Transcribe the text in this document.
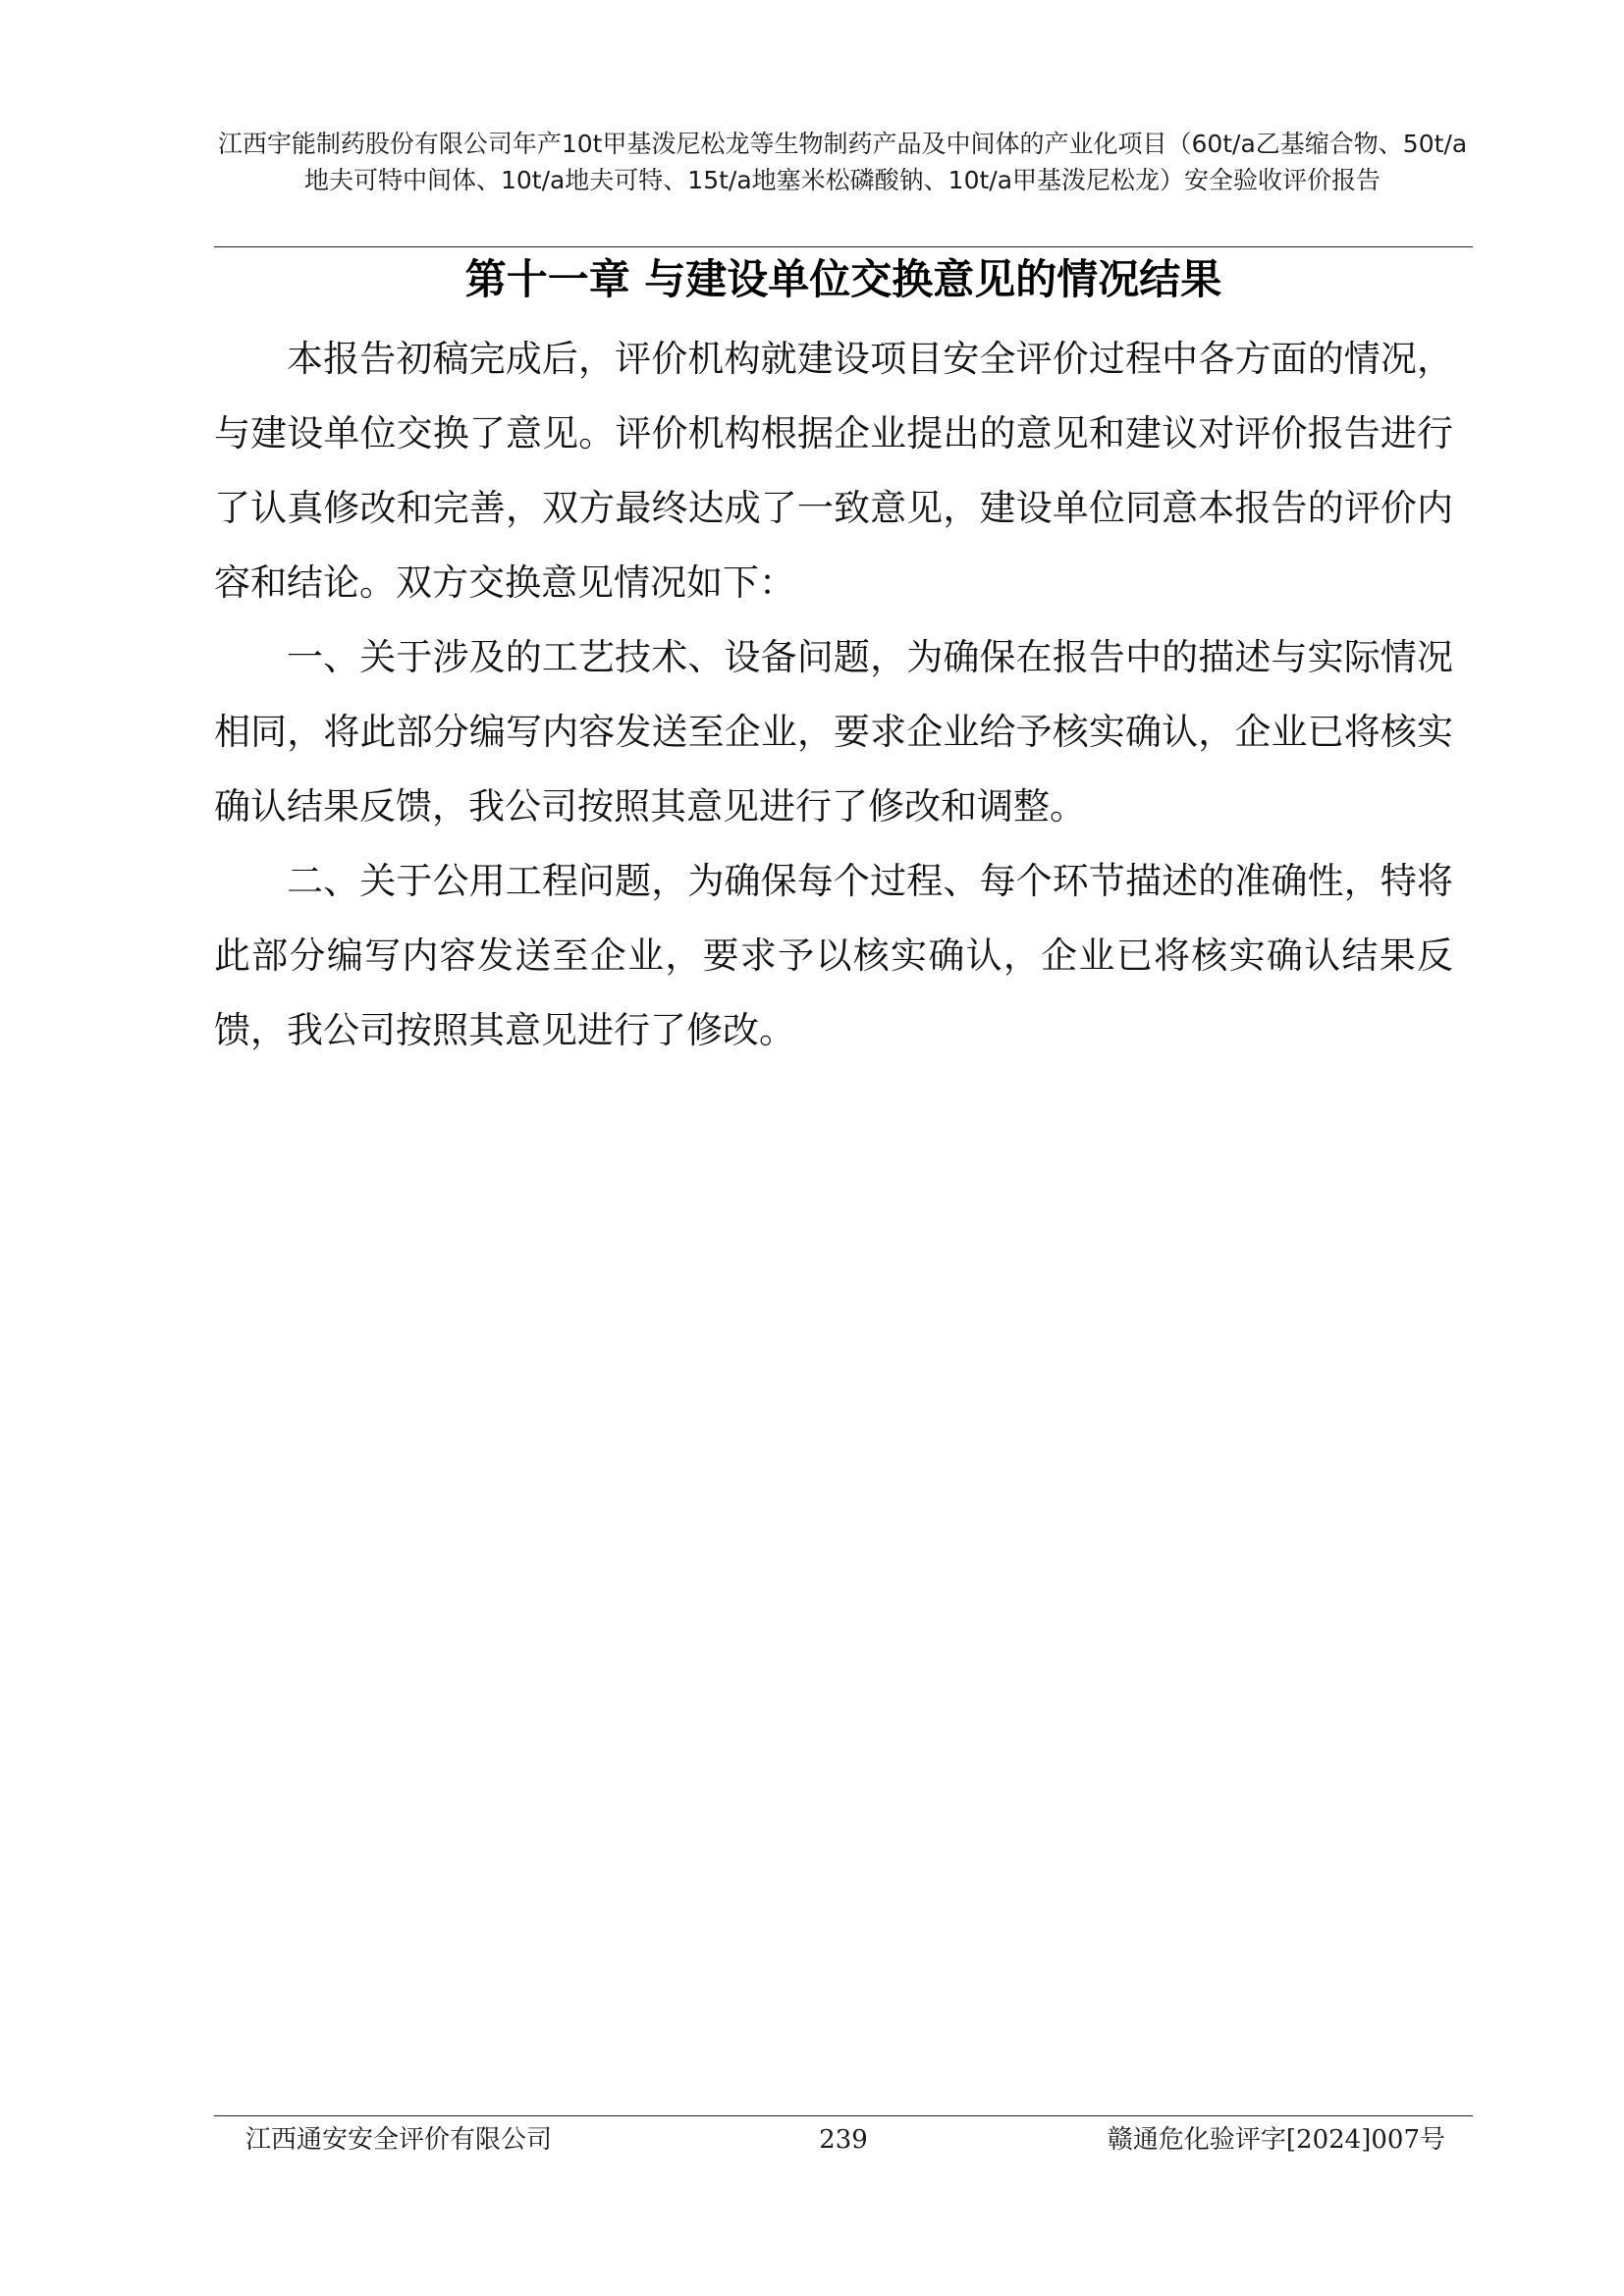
江西宇能制药股份有限公司年产10t甲基泼尼松龙等生物制药产品及中间体的产业化项目（60t/a乙基缩合物、50t/a地夫可特中间体、10t/a地夫可特、15t/a地塞米松磷酸钠、10t/a甲基泼尼松龙）安全验收评价报告
第十一章 与建设单位交换意见的情况结果

本报告初稿完成后，评价机构就建设项目安全评价过程中各方面的情况，与建设单位交换了意见。评价机构根据企业提出的意见和建议对评价报告进行了认真修改和完善，双方最终达成了一致意见，建设单位同意本报告的评价内容和结论。双方交换意见情况如下：

一、关于涉及的工艺技术、设备问题，为确保在报告中的描述与实际情况相同，将此部分编写内容发送至企业，要求企业给予核实确认，企业已将核实确认结果反馈，我公司按照其意见进行了修改和调整。

二、关于公用工程问题，为确保每个过程、每个环节描述的准确性，特将此部分编写内容发送至企业，要求予以核实确认，企业已将核实确认结果反馈，我公司按照其意见进行了修改。

江西通安安全评价有限公司	239	赣通危化验评字[2024]007号
